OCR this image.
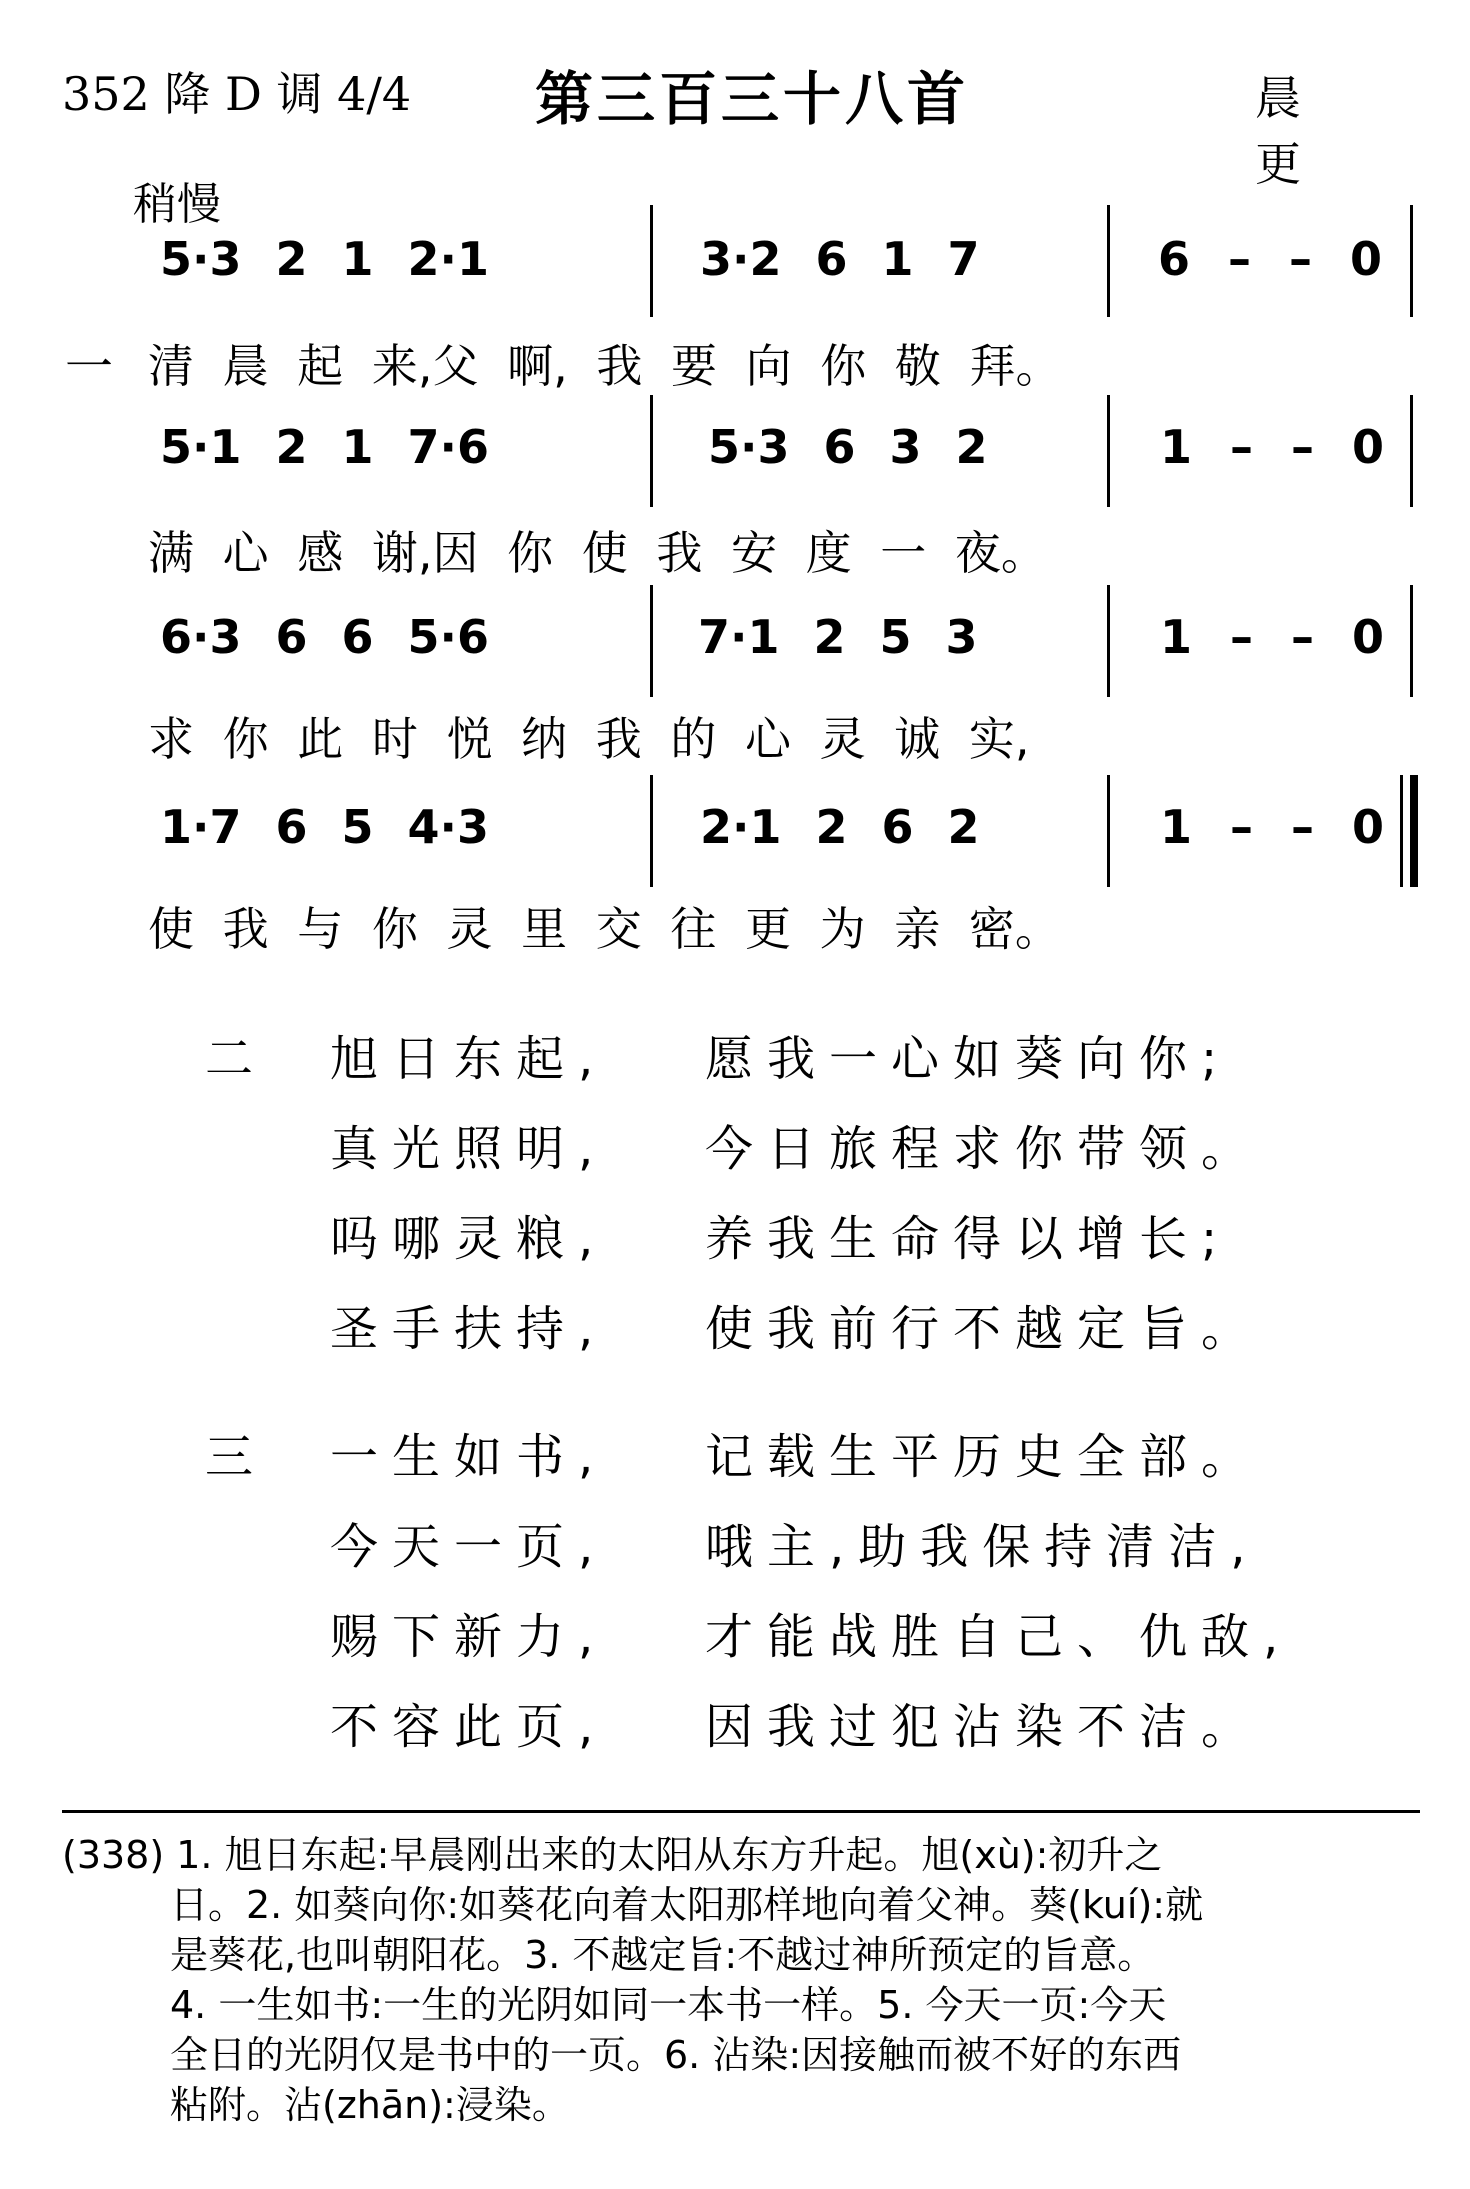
352 降 D 调 4/4 第三百三十八首	晨 更
稍慢
5·3 2 1 2·1	3·2 6 1 7	6 – – 0
一 清 晨 起 来,父 啊, 我 要 向 你 敬 拜。
5·1 2 1 7·6	5·3 6 3 2	1 – – 0
满 心 感 谢,因 你 使 我 安 度 一 夜。
6·3 6 6 5·6	7·1 2 5 3	1 – – 0
求 你 此 时 悦 纳 我 的 心 灵 诚 实,
1·7 6 5 4·3	2·1 2 6 2	1 – – 0
使 我 与 你 灵 里 交 往 更 为 亲 密。
二 旭日东起, 愿我一心如葵向你;
真光照明, 今日旅程求你带领。
吗哪灵粮, 养我生命得以增长;
圣手扶持, 使我前行不越定旨。
三 一生如书, 记载生平历史全部。
今天一页, 哦主,助我保持清洁,
赐下新力, 才能战胜自己、仇敌,
不容此页, 因我过犯沾染不洁。
(338) 1. 旭日东起:早晨刚出来的太阳从东方升起。旭(xù):初升之
日。2. 如葵向你:如葵花向着太阳那样地向着父神。葵(kuí):就
是葵花,也叫朝阳花。3. 不越定旨:不越过神所预定的旨意。
4. 一生如书:一生的光阴如同一本书一样。5. 今天一页:今天
全日的光阴仅是书中的一页。6. 沾染:因接触而被不好的东西
粘附。沾(zhān):浸染。
